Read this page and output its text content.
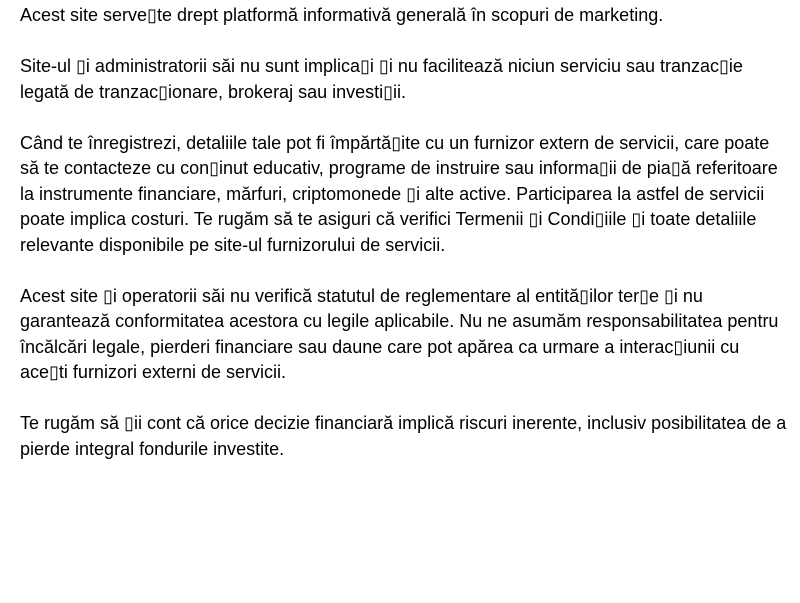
Acest site serve▯te drept platformă informativă generală în scopuri de marketing.

Site-ul ▯i administratorii săi nu sunt implica▯i ▯i nu facilitează niciun serviciu sau tranzac▯ie legată de tranzac▯ionare, brokeraj sau investi▯ii.

Când te înregistrezi, detaliile tale pot fi împărtă▯ite cu un furnizor extern de servicii, care poate să te contacteze cu con▯inut educativ, programe de instruire sau informa▯ii de pia▯ă referitoare la instrumente financiare, mărfuri, criptomonede ▯i alte active. Participarea la astfel de servicii poate implica costuri. Te rugăm să te asiguri că verifici Termenii ▯i Condi▯iile ▯i toate detaliile relevante disponibile pe site-ul furnizorului de servicii.

Acest site ▯i operatorii săi nu verifică statutul de reglementare al entită▯ilor ter▯e ▯i nu garantează conformitatea acestora cu legile aplicabile. Nu ne asumăm responsabilitatea pentru încălcări legale, pierderi financiare sau daune care pot apărea ca urmare a interac▯iunii cu ace▯ti furnizori externi de servicii.

Te rugăm să ▯ii cont că orice decizie financiară implică riscuri inerente, inclusiv posibilitatea de a pierde integral fondurile investite.
